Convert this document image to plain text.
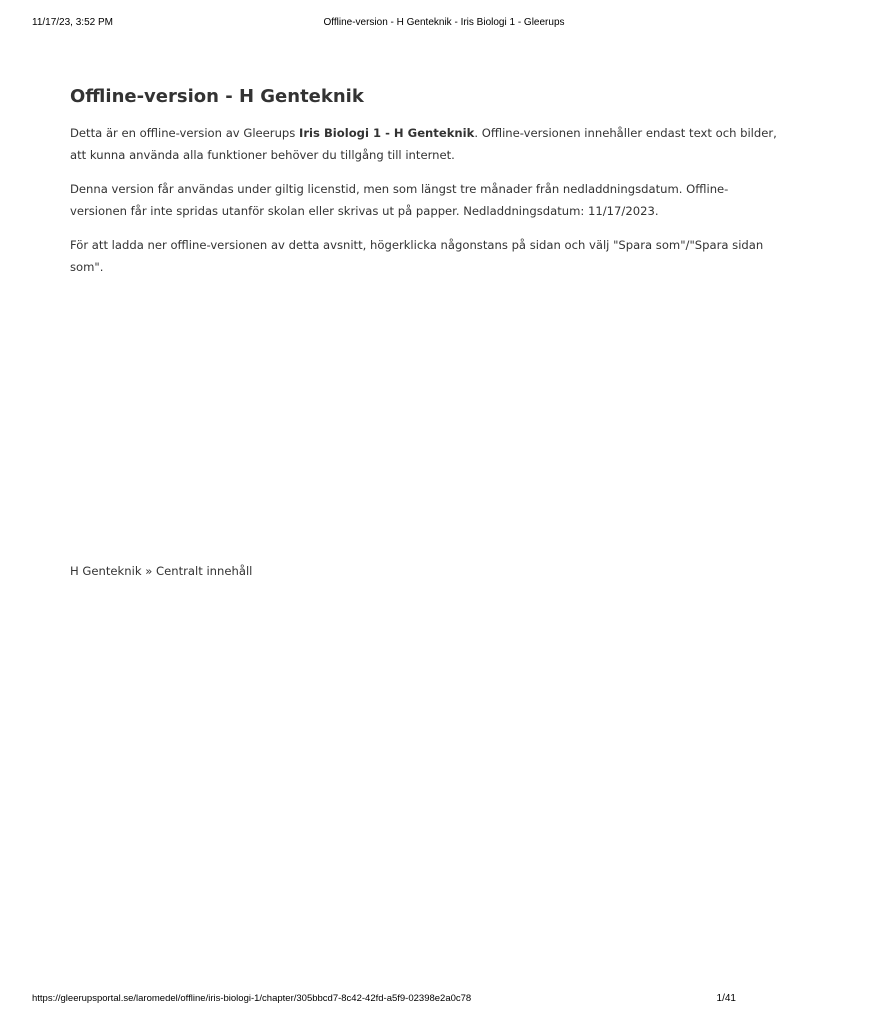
11/17/23, 3:52 PM	Offline-version - H Genteknik - Iris Biologi 1 - Gleerups
Offline-version - H Genteknik

Detta är en offline-version av Gleerups Iris Biologi 1 - H Genteknik. Offline-versionen innehåller endast text och bilder,
att kunna använda alla funktioner behöver du tillgång till internet.

Denna version får användas under giltig licenstid, men som längst tre månader från nedladdningsdatum. Offline-
versionen får inte spridas utanför skolan eller skrivas ut på papper. Nedladdningsdatum: 11/17/2023.

För att ladda ner offline-versionen av detta avsnitt, högerklicka någonstans på sidan och välj "Spara som"/"Spara sidan
som".

H Genteknik » Centralt innehåll
https://gleerupsportal.se/laromedel/offline/iris-biologi-1/chapter/305bbcd7-8c42-42fd-a5f9-02398e2a0c78	1/41
